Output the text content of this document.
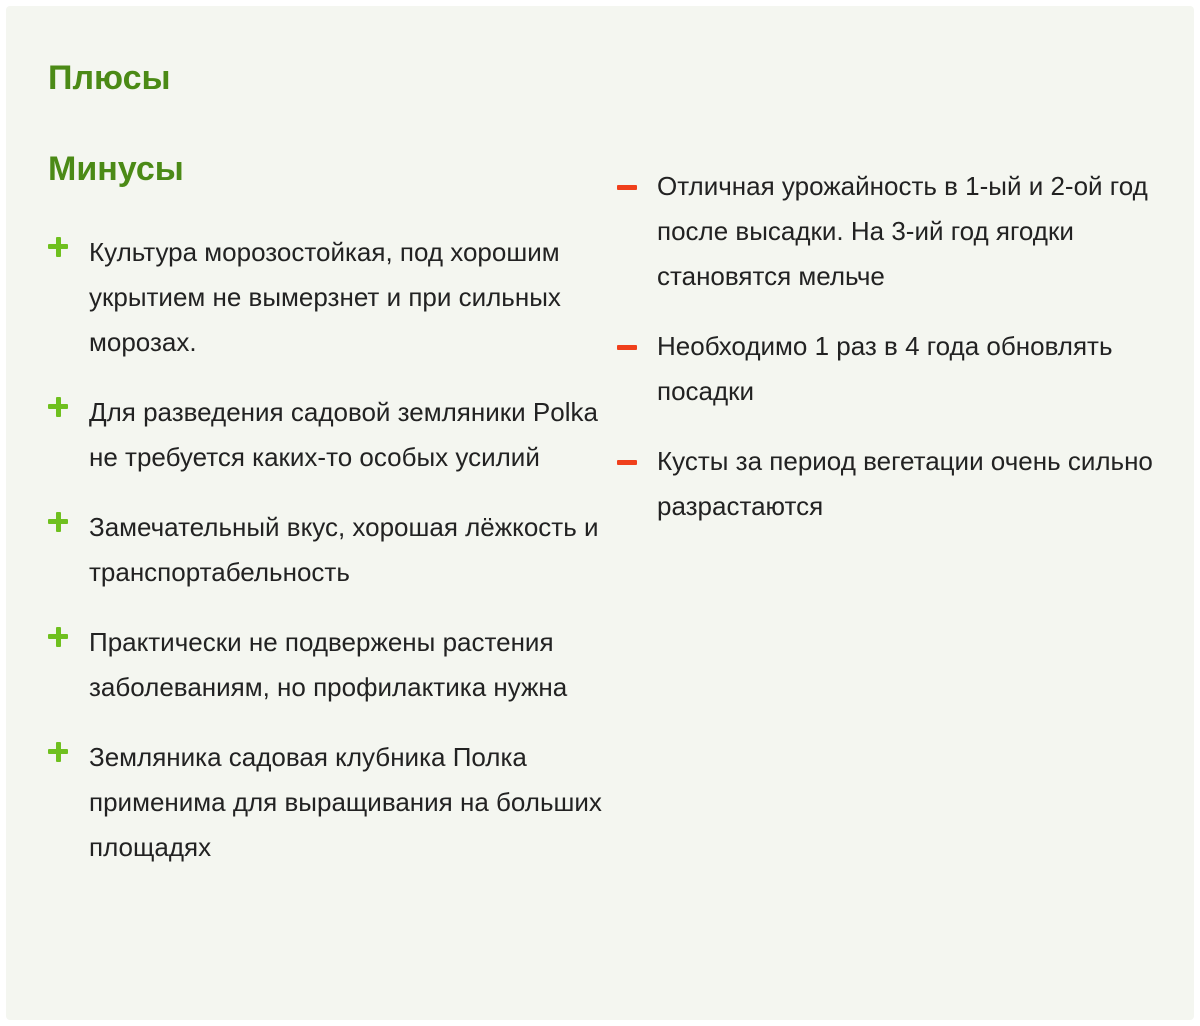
Плюсы
Минусы
Культура морозостойкая, под хорошим укрытием не вымерзнет и при сильных морозах.
Для разведения садовой земляники Polka не требуется каких-то особых усилий
Замечательный вкус, хорошая лёжкость и транспортабельность
Практически не подвержены растения заболеваниям, но профилактика нужна
Земляника садовая клубника Полка применима для выращивания на больших площадях
Отличная урожайность в 1-ый и 2-ой год после высадки. На 3-ий год ягодки становятся мельче
Необходимо 1 раз в 4 года обновлять посадки
Кусты за период вегетации очень сильно разрастаются
